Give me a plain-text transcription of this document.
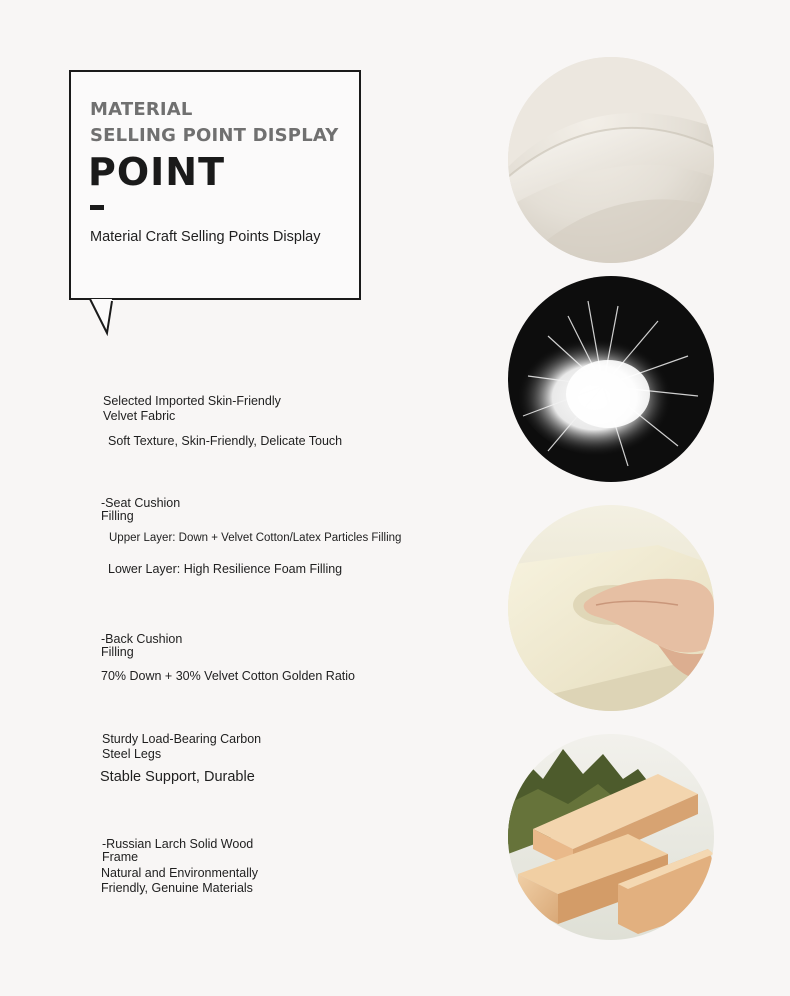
MATERIAL
SELLING POINT DISPLAY

POINT
Material Craft Selling Points Display
Selected Imported Skin-Friendly
Velvet Fabric
Soft Texture, Skin-Friendly, Delicate Touch
-Seat Cushion
Filling
Upper Layer: Down + Velvet Cotton/Latex Particles Filling
Lower Layer: High Resilience Foam Filling
-Back Cushion
Filling
70% Down + 30% Velvet Cotton Golden Ratio
Sturdy Load-Bearing Carbon
Steel Legs
Stable Support, Durable
-Russian Larch Solid Wood
Frame
Natural and Environmentally
Friendly, Genuine Materials
